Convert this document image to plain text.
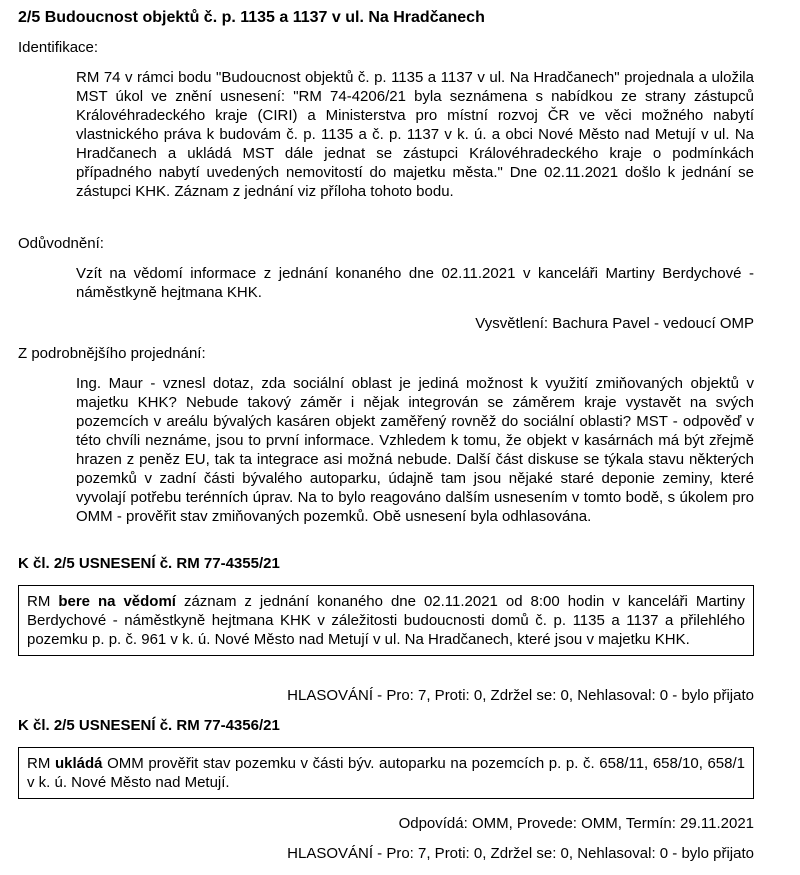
2/5 Budoucnost objektů č. p. 1135 a 1137 v ul. Na Hradčanech

Identifikace:

RM 74 v rámci bodu "Budoucnost objektů č. p. 1135 a 1137 v ul. Na Hradčanech" projednala a uložila MST úkol ve znění usnesení: "RM 74-4206/21 byla seznámena s nabídkou ze strany zástupců Královéhradeckého kraje (CIRI) a Ministerstva pro místní rozvoj ČR ve věci možného nabytí vlastnického práva k budovám č. p. 1135 a č. p. 1137 v k. ú. a obci Nové Město nad Metují v ul. Na Hradčanech a ukládá MST dále jednat se zástupci Královéhradeckého kraje o podmínkách případného nabytí uvedených nemovitostí do majetku města." Dne 02.11.2021 došlo k jednání se zástupci KHK. Záznam z jednání viz příloha tohoto bodu.

Odůvodnění:

Vzít na vědomí informace z jednání konaného dne 02.11.2021 v kanceláři Martiny Berdychové - náměstkyně hejtmana KHK.

Vysvětlení: Bachura Pavel - vedoucí OMP

Z podrobnějšího projednání:

Ing. Maur - vznesl dotaz, zda sociální oblast je jediná možnost k využití zmiňovaných objektů v majetku KHK? Nebude takový záměr i nějak integrován se záměrem kraje vystavět na svých pozemcích v areálu bývalých kasáren objekt zaměřený rovněž do sociální oblasti? MST - odpověď v této chvíli neznáme, jsou to první informace. Vzhledem k tomu, že objekt v kasárnách má být zřejmě hrazen z peněz EU, tak ta integrace asi možná nebude. Další část diskuse se týkala stavu některých pozemků v zadní části bývalého autoparku, údajně tam jsou nějaké staré deponie zeminy, které vyvolají potřebu terénních úprav. Na to bylo reagováno dalším usnesením v tomto bodě, s úkolem pro OMM - prověřit stav zmiňovaných pozemků. Obě usnesení byla odhlasována.

K čl. 2/5 USNESENÍ č. RM 77-4355/21

RM bere na vědomí záznam z jednání konaného dne 02.11.2021 od 8:00 hodin v kanceláři Martiny Berdychové - náměstkyně hejtmana KHK v záležitosti budoucnosti domů č. p. 1135 a 1137 a přilehlého pozemku p. p. č. 961 v k. ú. Nové Město nad Metují v ul. Na Hradčanech, které jsou v majetku KHK.

HLASOVÁNÍ - Pro: 7, Proti: 0, Zdržel se: 0, Nehlasoval: 0 - bylo přijato

K čl. 2/5 USNESENÍ č. RM 77-4356/21

RM ukládá OMM prověřit stav pozemku v části býv. autoparku na pozemcích p. p. č. 658/11, 658/10, 658/1 v k. ú. Nové Město nad Metují.

Odpovídá: OMM, Provede: OMM, Termín: 29.11.2021

HLASOVÁNÍ - Pro: 7, Proti: 0, Zdržel se: 0, Nehlasoval: 0 - bylo přijato
